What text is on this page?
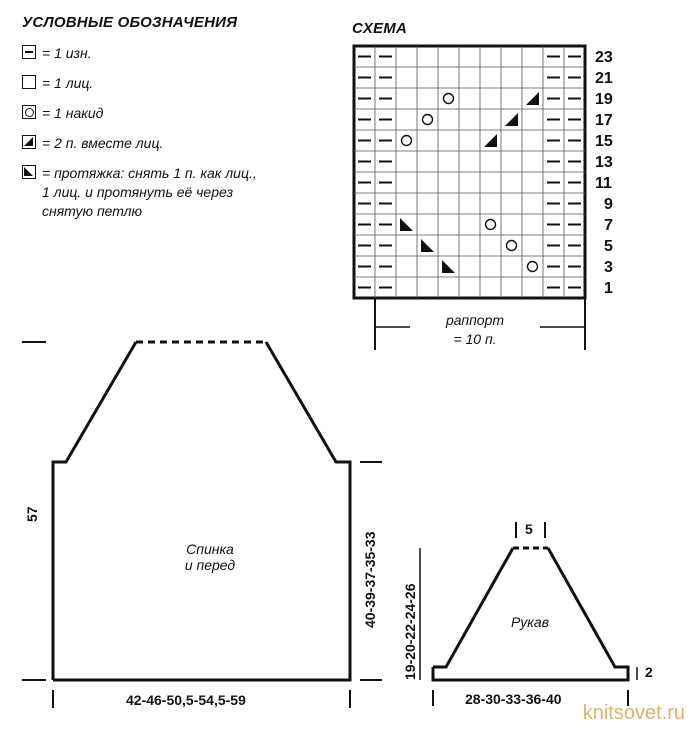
УСЛОВНЫЕ ОБОЗНАЧЕНИЯ
= 1 изн.
= 1 лиц.
= 1 накид
= 2 п. вместе лиц.
= протяжка: снять 1 п. как лиц.,
1 лиц. и протянуть её через
снятую петлю
СХЕМА
23
21
19
17
15
13
11
9
7
5
3
1
раппорт
= 10 п.
Спинка
и перед
57
40-39-37-35-33
42-46-50,5-54,5-59
Рукав
5
19-20-22-24-26	2
28-30-33-36-40
knitsovet.ru
